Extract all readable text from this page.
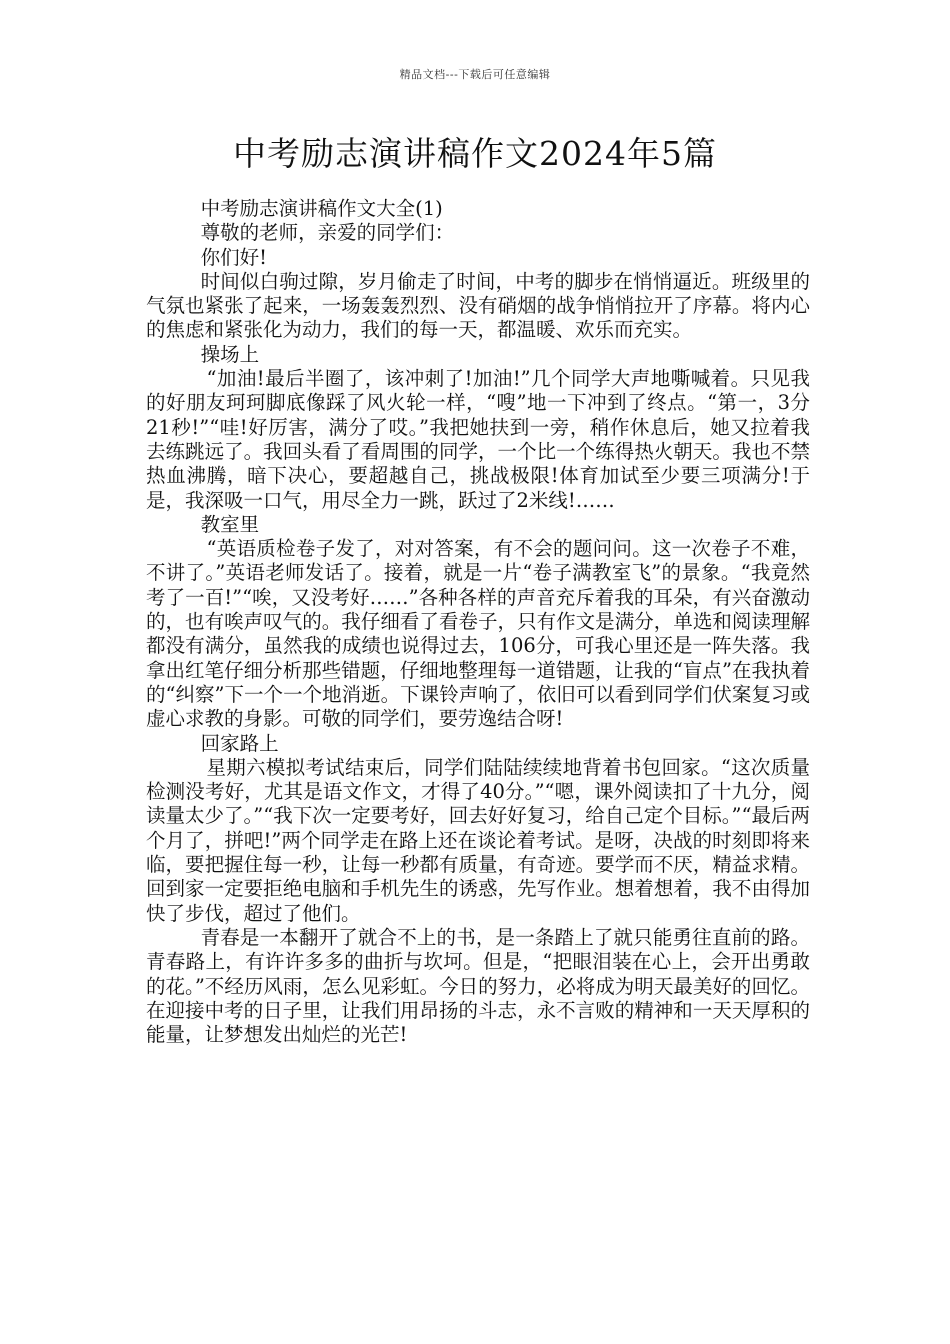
精品文档---下载后可任意编辑
中考励志演讲稿作文2024年5篇

中考励志演讲稿作文大全(1)

尊敬的老师，亲爱的同学们：

你们好!

时间似白驹过隙，岁月偷走了时间，中考的脚步在悄悄逼近。班级里的气氛也紧张了起来，一场轰轰烈烈、没有硝烟的战争悄悄拉开了序幕。将内心的焦虑和紧张化为动力，我们的每一天，都温暖、欢乐而充实。

操场上

“加油!最后半圈了，该冲刺了!加油!”几个同学大声地嘶喊着。只见我的好朋友珂珂脚底像踩了风火轮一样，“嗖”地一下冲到了终点。“第一，3分21秒!”“哇!好厉害，满分了哎。”我把她扶到一旁，稍作休息后，她又拉着我去练跳远了。我回头看了看周围的同学，一个比一个练得热火朝天。我也不禁热血沸腾，暗下决心，要超越自己，挑战极限!体育加试至少要三项满分!于是，我深吸一口气，用尽全力一跳，跃过了2米线!……

教室里

“英语质检卷子发了，对对答案，有不会的题问问。这一次卷子不难，不讲了。”英语老师发话了。接着，就是一片“卷子满教室飞”的景象。“我竟然考了一百!”“唉，又没考好……”各种各样的声音充斥着我的耳朵，有兴奋激动的，也有唉声叹气的。我仔细看了看卷子，只有作文是满分，单选和阅读理解都没有满分，虽然我的成绩也说得过去，106分，可我心里还是一阵失落。我拿出红笔仔细分析那些错题，仔细地整理每一道错题，让我的“盲点”在我执着的“纠察”下一个一个地消逝。下课铃声响了，依旧可以看到同学们伏案复习或虚心求教的身影。可敬的同学们，要劳逸结合呀!

回家路上

星期六模拟考试结束后，同学们陆陆续续地背着书包回家。“这次质量检测没考好，尤其是语文作文，才得了40分。”“嗯，课外阅读扣了十九分，阅读量太少了。”“我下次一定要考好，回去好好复习，给自己定个目标。”“最后两个月了，拼吧!”两个同学走在路上还在谈论着考试。是呀，决战的时刻即将来临，要把握住每一秒，让每一秒都有质量，有奇迹。要学而不厌，精益求精。回到家一定要拒绝电脑和手机先生的诱惑，先写作业。想着想着，我不由得加快了步伐，超过了他们。

青春是一本翻开了就合不上的书，是一条踏上了就只能勇往直前的路。青春路上，有许许多多的曲折与坎坷。但是，“把眼泪装在心上，会开出勇敢的花。”不经历风雨，怎么见彩虹。今日的努力，必将成为明天最美好的回忆。在迎接中考的日子里，让我们用昂扬的斗志，永不言败的精神和一天天厚积的能量，让梦想发出灿烂的光芒!
